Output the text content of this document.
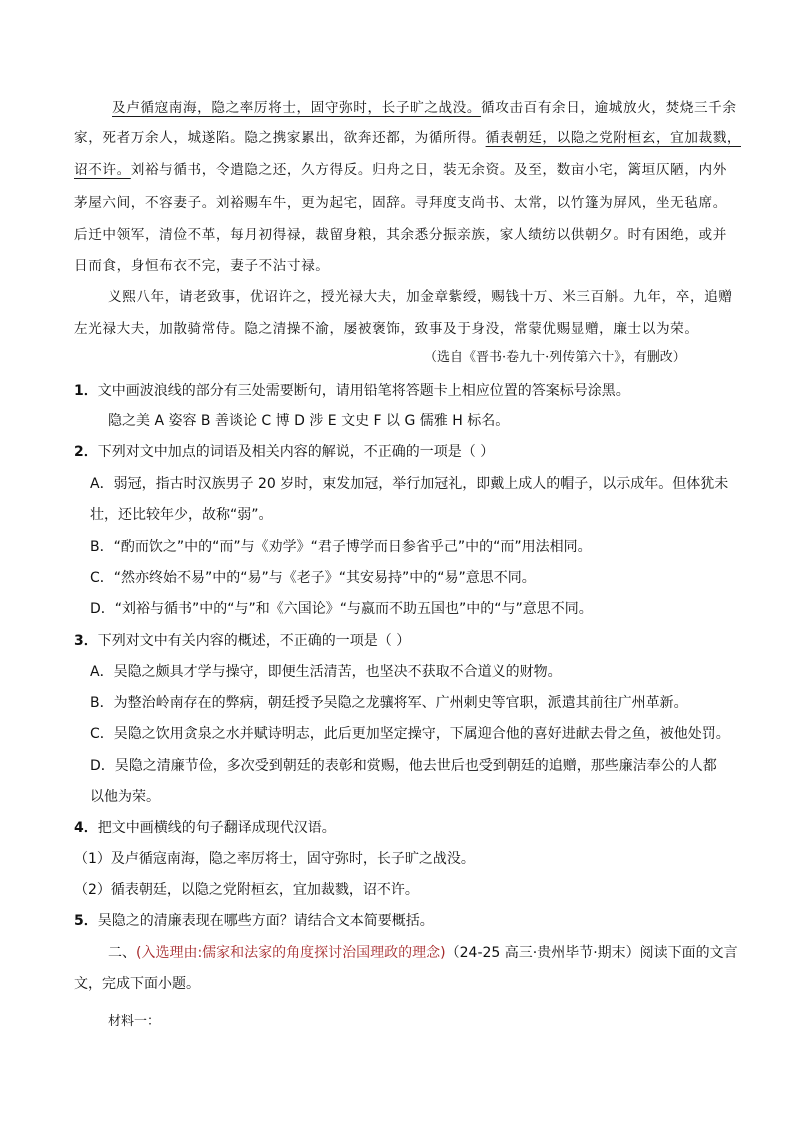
及卢循寇南海，隐之率厉将士，固守弥时，长子旷之战没。循攻击百有余日，逾城放火，焚烧三千余
家，死者万余人，城遂陷。隐之携家累出，欲奔还都，为循所得。循表朝廷，以隐之党附桓玄，宜加裁戮，
诏不许。刘裕与循书，令遣隐之还，久方得反。归舟之日，装无余资。及至，数亩小宅，篱垣仄陋，内外
茅屋六间，不容妻子。刘裕赐车牛，更为起宅，固辞。寻拜度支尚书、太常，以竹篷为屏风，坐无毡席。
后迁中领军，清俭不革，每月初得禄，裁留身粮，其余悉分振亲族，家人绩纺以供朝夕。时有困绝，或并
日而食，身恒布衣不完，妻子不沾寸禄。
义熙八年，请老致事，优诏许之，授光禄大夫，加金章紫绶，赐钱十万、米三百斛。九年，卒，追赠
左光禄大夫，加散骑常侍。隐之清操不渝，屡被褒饰，致事及于身没，常蒙优赐显赠，廉士以为荣。
（选自《晋书·卷九十·列传第六十》，有删改）
1．文中画波浪线的部分有三处需要断句，请用铅笔将答题卡上相应位置的答案标号涂黑。
隐之美 A 姿容 B 善谈论 C 博 D 涉 E 文史 F 以 G 儒雅 H 标名。
2．下列对文中加点的词语及相关内容的解说，不正确的一项是（ ）
A．弱冠，指古时汉族男子 20 岁时，束发加冠，举行加冠礼，即戴上成人的帽子，以示成年。但体犹未
壮，还比较年少，故称“弱”。
B．“酌而饮之”中的“而”与《劝学》“君子博学而日参省乎己”中的“而”用法相同。
C．“然亦终始不易”中的“易”与《老子》“其安易持”中的“易”意思不同。
D．“刘裕与循书”中的“与”和《六国论》“与嬴而不助五国也”中的“与”意思不同。
3．下列对文中有关内容的概述，不正确的一项是（ ）
A．吴隐之颇具才学与操守，即便生活清苦，也坚决不获取不合道义的财物。
B．为整治岭南存在的弊病，朝廷授予吴隐之龙骧将军、广州刺史等官职，派遣其前往广州革新。
C．吴隐之饮用贪泉之水并赋诗明志，此后更加坚定操守，下属迎合他的喜好进献去骨之鱼，被他处罚。
D．吴隐之清廉节俭，多次受到朝廷的表彰和赏赐，他去世后也受到朝廷的追赠，那些廉洁奉公的人都
以他为荣。
4．把文中画横线的句子翻译成现代汉语。
（1）及卢循寇南海，隐之率厉将士，固守弥时，长子旷之战没。
（2）循表朝廷，以隐之党附桓玄，宜加裁戮，诏不许。
5．吴隐之的清廉表现在哪些方面？请结合文本简要概括。
二、(入选理由:儒家和法家的角度探讨治国理政的理念)（24-25 高三·贵州毕节·期末）阅读下面的文言
文，完成下面小题。
材料一：
